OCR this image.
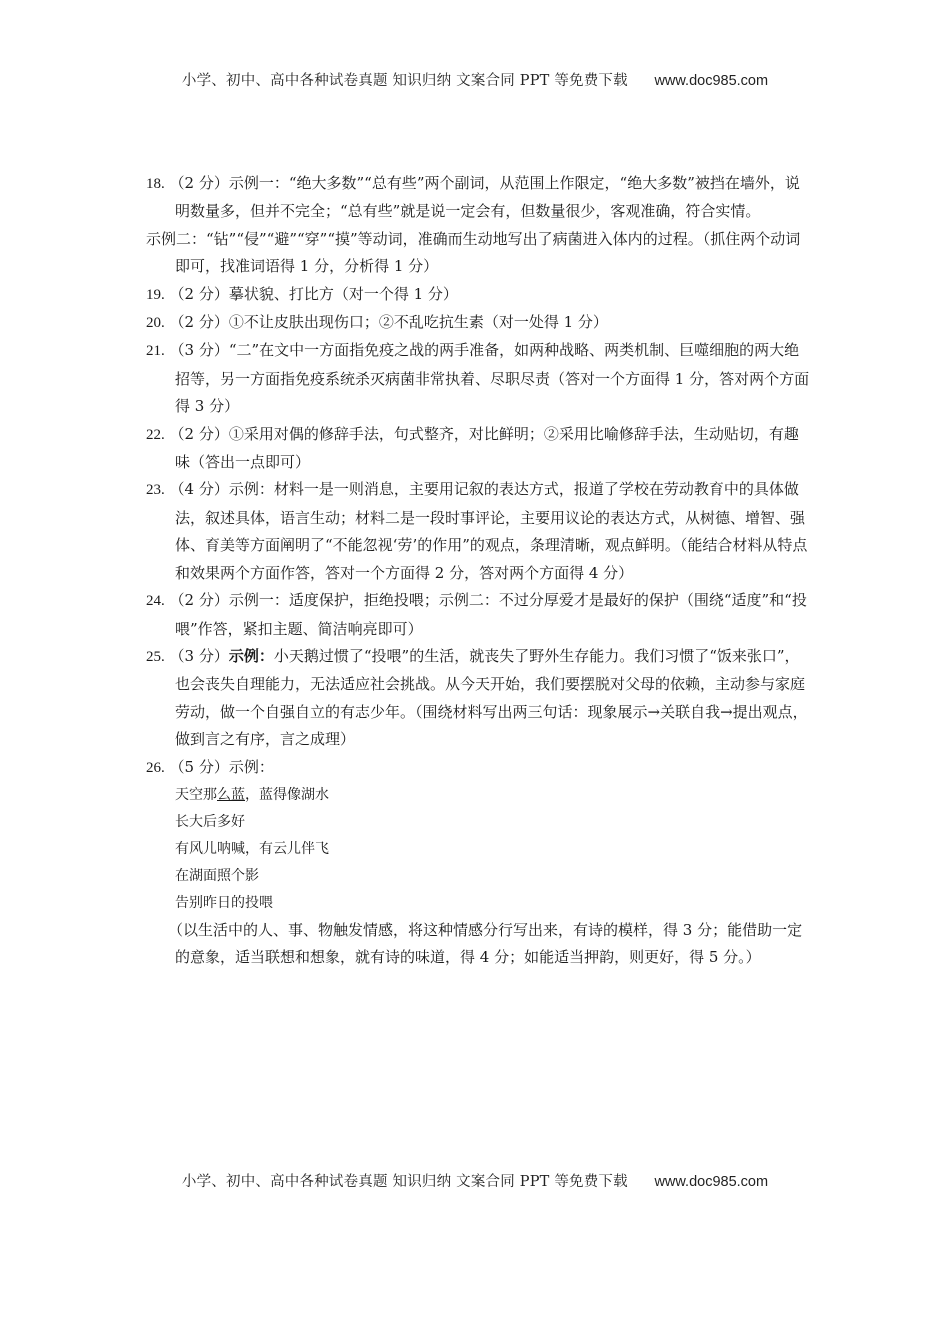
小学、初中、高中各种试卷真题 知识归纳 文案合同 PPT 等免费下载 www.doc985.com

18. （2 分）示例一：“绝大多数”“总有些”两个副词，从范围上作限定，“绝大多数”被挡在墙外，说明数量多，但并不完全；“总有些”就是说一定会有，但数量很少，客观准确，符合实情。

示例二：“钻”“侵”“避”“穿”“摸”等动词，准确而生动地写出了病菌进入体内的过程。（抓住两个动词即可，找准词语得 1 分，分析得 1 分）

19. （2 分）摹状貌、打比方（对一个得 1 分）

20. （2 分）①不让皮肤出现伤口；②不乱吃抗生素（对一处得 1 分）

21. （3 分）“二”在文中一方面指免疫之战的两手准备，如两种战略、两类机制、巨噬细胞的两大绝招等，另一方面指免疫系统杀灭病菌非常执着、尽职尽责（答对一个方面得 1 分，答对两个方面得 3 分）

22. （2 分）①采用对偶的修辞手法，句式整齐，对比鲜明；②采用比喻修辞手法，生动贴切，有趣味（答出一点即可）

23. （4 分）示例：材料一是一则消息，主要用记叙的表达方式，报道了学校在劳动教育中的具体做法，叙述具体，语言生动；材料二是一段时事评论，主要用议论的表达方式，从树德、增智、强体、育美等方面阐明了“不能忽视‘劳’的作用”的观点，条理清晰，观点鲜明。（能结合材料从特点和效果两个方面作答，答对一个方面得 2 分，答对两个方面得 4 分）

24. （2 分）示例一：适度保护，拒绝投喂；示例二：不过分厚爱才是最好的保护（围绕“适度”和“投喂”作答，紧扣主题、简洁响亮即可）

25. （3 分）示例：小天鹅过惯了“投喂”的生活，就丧失了野外生存能力。我们习惯了“饭来张口”，也会丧失自理能力，无法适应社会挑战。从今天开始，我们要摆脱对父母的依赖，主动参与家庭劳动，做一个自强自立的有志少年。（围绕材料写出两三句话：现象展示→关联自我→提出观点，做到言之有序，言之成理）

26. （5 分）示例：

天空那么蓝，蓝得像湖水
长大后多好
有风儿呐喊，有云儿伴飞
在湖面照个影
告别昨日的投喂

（以生活中的人、事、物触发情感，将这种情感分行写出来，有诗的模样，得 3 分；能借助一定的意象，适当联想和想象，就有诗的味道，得 4 分；如能适当押韵，则更好，得 5 分。）

小学、初中、高中各种试卷真题 知识归纳 文案合同 PPT 等免费下载 www.doc985.com
